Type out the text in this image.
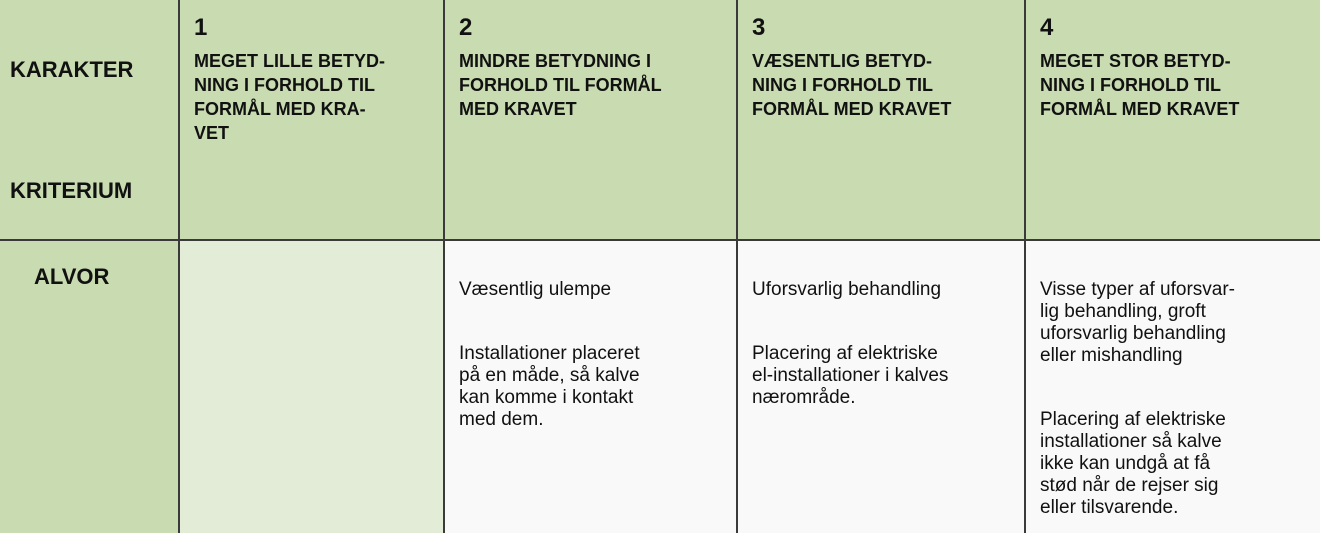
KARAKTER
KRITERIUM
1
MEGET LILLE BETYD-
NING I FORHOLD TIL
FORMÅL MED KRA-
VET
2
MINDRE BETYDNING I
FORHOLD TIL FORMÅL
MED KRAVET
3
VÆSENTLIG BETYD-
NING I FORHOLD TIL
FORMÅL MED KRAVET
4
MEGET STOR BETYD-
NING I FORHOLD TIL
FORMÅL MED KRAVET
ALVOR

Væsentlig ulempe

Installationer placeret
på en måde, så kalve
kan komme i kontakt
med dem.

Uforsvarlig behandling

Placering af elektriske
el-installationer i kalves
nærområde.

Visse typer af uforsvar-
lig behandling, groft
uforsvarlig behandling
eller mishandling

Placering af elektriske
installationer så kalve
ikke kan undgå at få
stød når de rejser sig
eller tilsvarende.
